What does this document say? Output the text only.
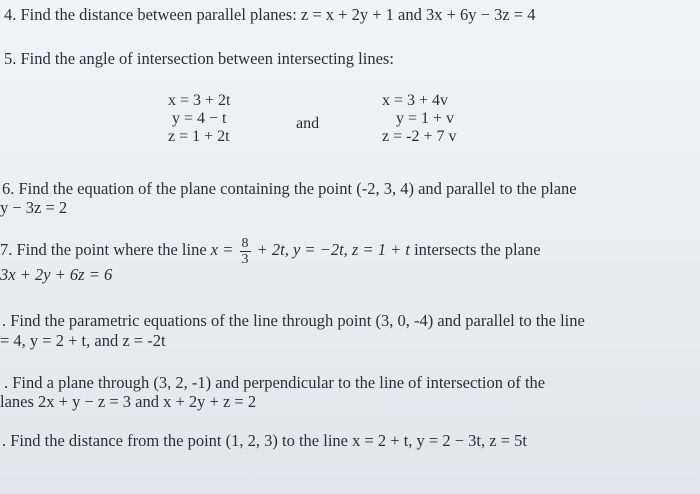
4. Find the distance between parallel planes: z = x + 2y + 1 and 3x + 6y − 3z = 4
5. Find the angle of intersection between intersecting lines:
x = 3 + 2t
y = 4 − t
z = 1 + 2t
and
x = 3 + 4v
y = 1 + v
z = -2 + 7 v
6. Find the equation of the plane containing the point (-2, 3, 4) and parallel to the plane
y − 3z = 2
7. Find the point where the line $x = \frac{8}{3} + 2t$, y = −2t, z = 1 + t intersects the plane
3x + 2y + 6z = 6
. Find the parametric equations of the line through point (3, 0, -4) and parallel to the line
= 4, y = 2 + t, and z = -2t
. Find a plane through (3, 2, -1) and perpendicular to the line of intersection of the
lanes 2x + y − z = 3 and x + 2y + z = 2
. Find the distance from the point (1, 2, 3) to the line x = 2 + t, y = 2 − 3t, z = 5t
